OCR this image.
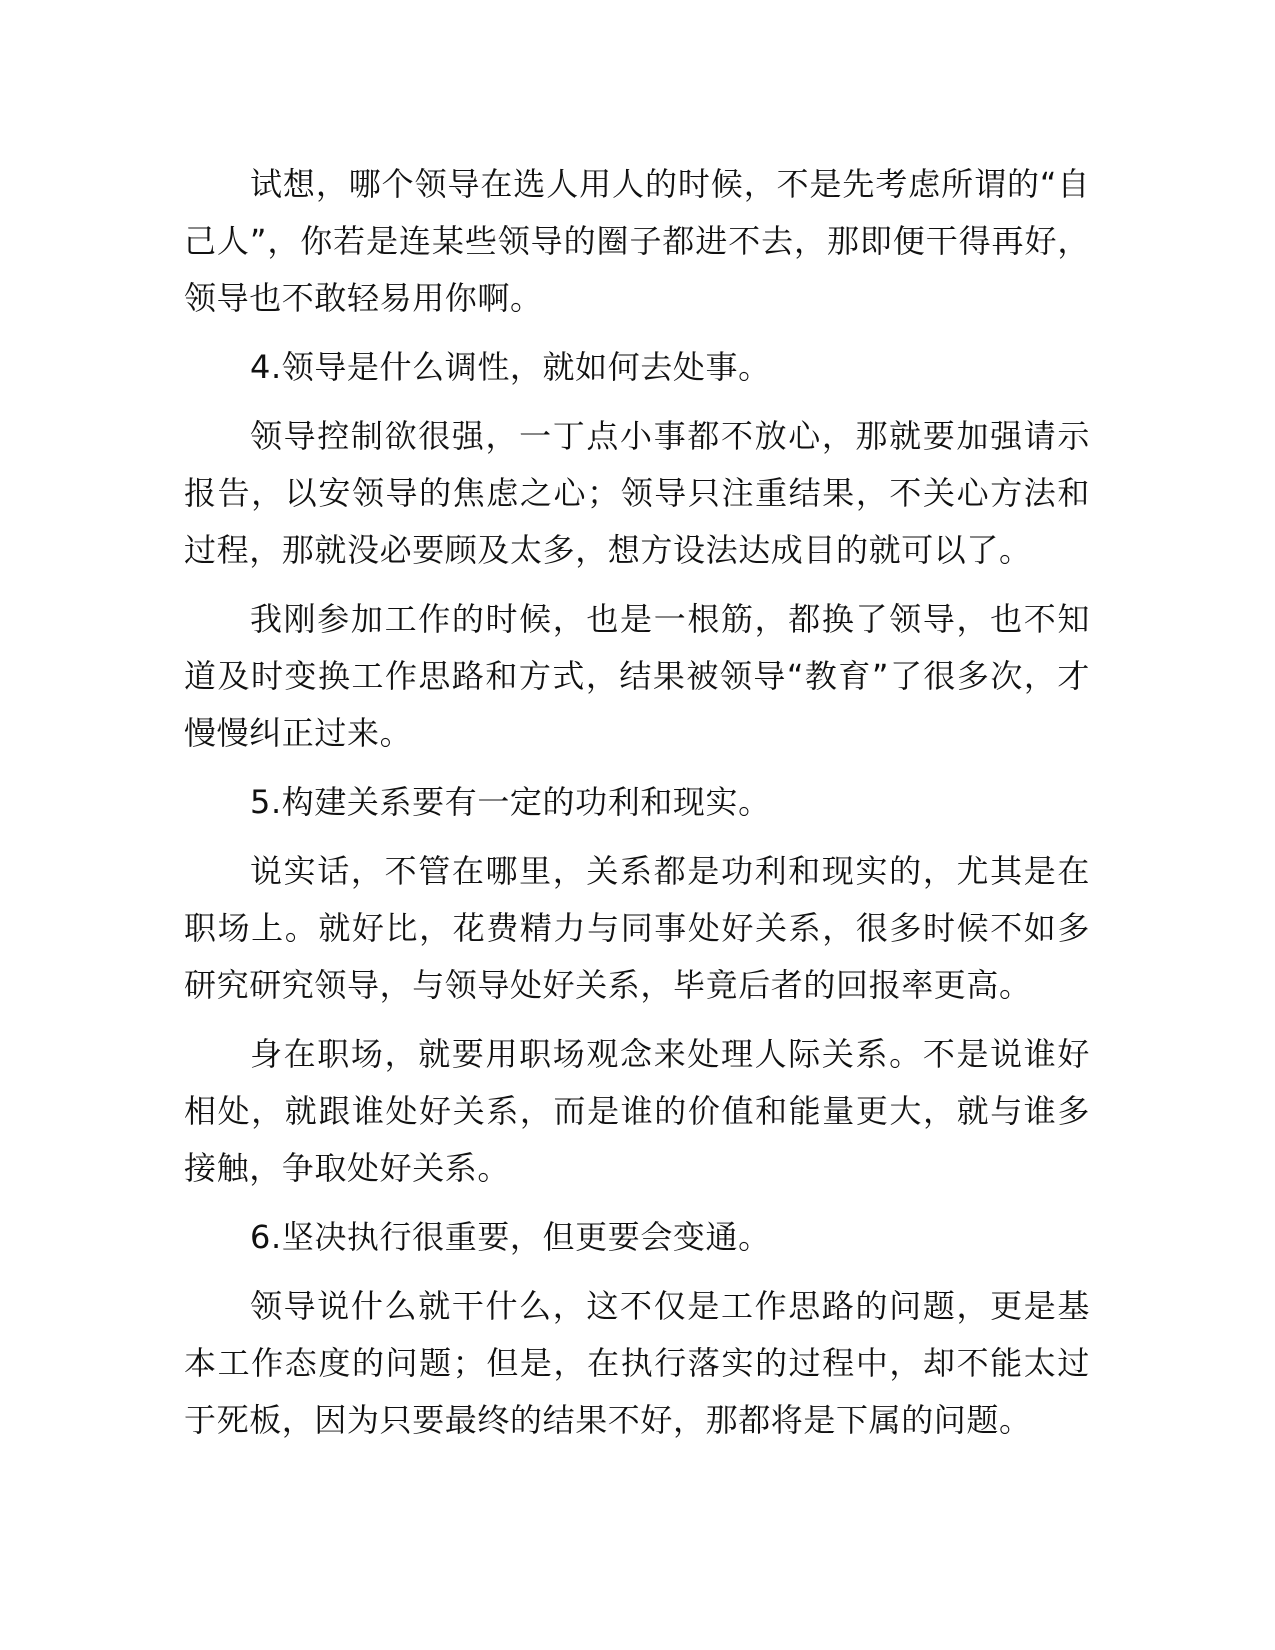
试想，哪个领导在选人用人的时候，不是先考虑所谓的“自己人”，你若是连某些领导的圈子都进不去，那即便干得再好，领导也不敢轻易用你啊。

4.领导是什么调性，就如何去处事。

领导控制欲很强，一丁点小事都不放心，那就要加强请示报告，以安领导的焦虑之心；领导只注重结果，不关心方法和过程，那就没必要顾及太多，想方设法达成目的就可以了。

我刚参加工作的时候，也是一根筋，都换了领导，也不知道及时变换工作思路和方式，结果被领导“教育”了很多次，才慢慢纠正过来。

5.构建关系要有一定的功利和现实。

说实话，不管在哪里，关系都是功利和现实的，尤其是在职场上。就好比，花费精力与同事处好关系，很多时候不如多研究研究领导，与领导处好关系，毕竟后者的回报率更高。

身在职场，就要用职场观念来处理人际关系。不是说谁好相处，就跟谁处好关系，而是谁的价值和能量更大，就与谁多接触，争取处好关系。

6.坚决执行很重要，但更要会变通。

领导说什么就干什么，这不仅是工作思路的问题，更是基本工作态度的问题；但是，在执行落实的过程中，却不能太过于死板，因为只要最终的结果不好，那都将是下属的问题。
